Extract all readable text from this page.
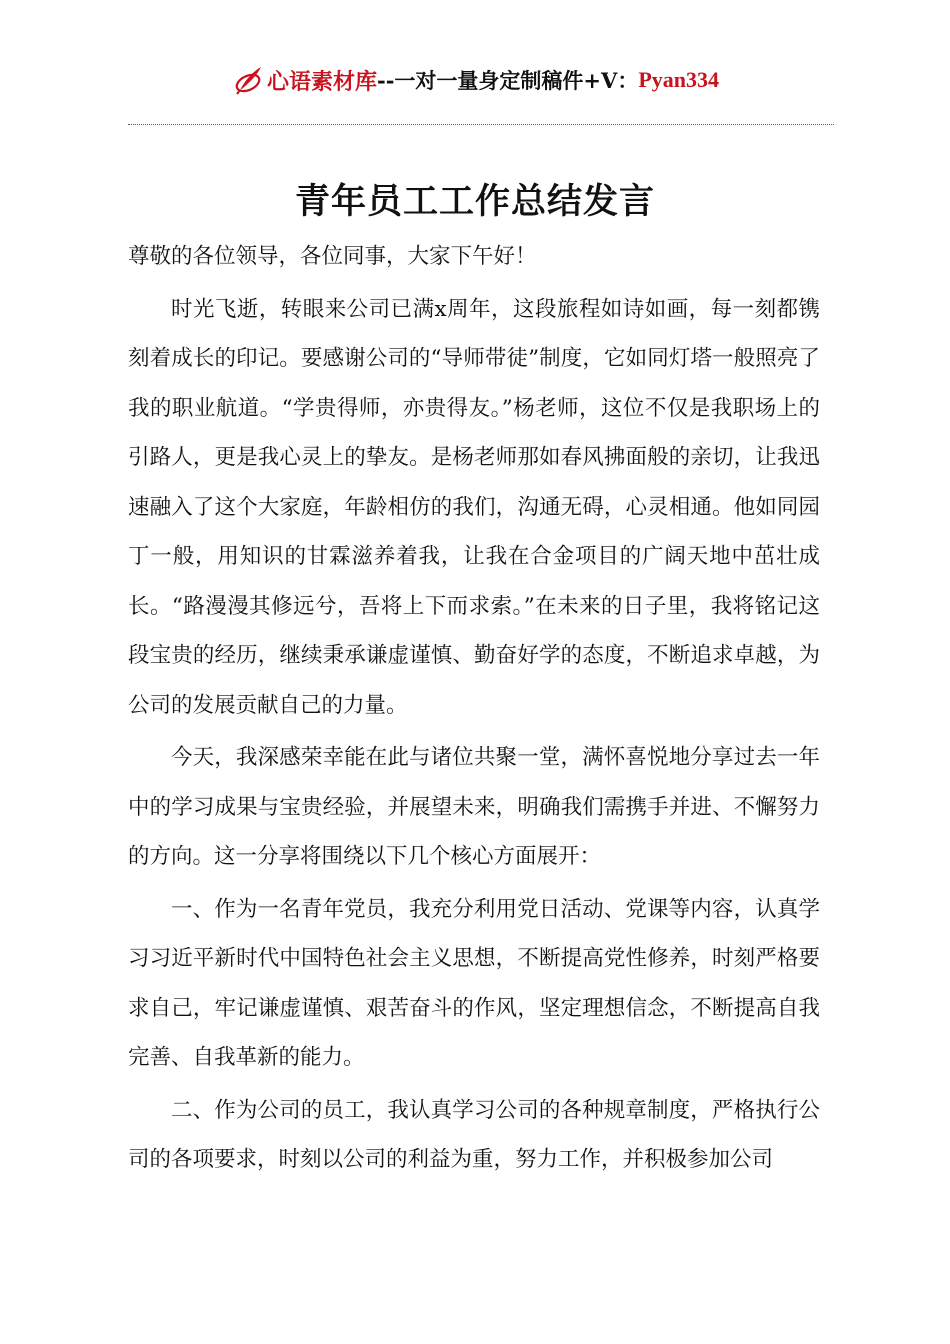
心语素材库 --一对一量身定制稿件+V： Pyan334
青年员工工作总结发言

尊敬的各位领导，各位同事，大家下午好！

时光飞逝，转眼来公司已满x周年，这段旅程如诗如画，每一刻都镌刻着成长的印记。要感谢公司的“导师带徒”制度，它如同灯塔一般照亮了我的职业航道。“学贵得师，亦贵得友。”杨老师，这位不仅是我职场上的引路人，更是我心灵上的挚友。是杨老师那如春风拂面般的亲切，让我迅速融入了这个大家庭，年龄相仿的我们，沟通无碍，心灵相通。他如同园丁一般，用知识的甘霖滋养着我，让我在合金项目的广阔天地中茁壮成长。“路漫漫其修远兮，吾将上下而求索。”在未来的日子里，我将铭记这段宝贵的经历，继续秉承谦虚谨慎、勤奋好学的态度，不断追求卓越，为公司的发展贡献自己的力量。

今天，我深感荣幸能在此与诸位共聚一堂，满怀喜悦地分享过去一年中的学习成果与宝贵经验，并展望未来，明确我们需携手并进、不懈努力的方向。这一分享将围绕以下几个核心方面展开：

一、作为一名青年党员，我充分利用党日活动、党课等内容，认真学习习近平新时代中国特色社会主义思想，不断提高党性修养，时刻严格要求自己，牢记谦虚谨慎、艰苦奋斗的作风，坚定理想信念，不断提高自我完善、自我革新的能力。

二、作为公司的员工，我认真学习公司的各种规章制度，严格执行公司的各项要求，时刻以公司的利益为重，努力工作，并积极参加公司
